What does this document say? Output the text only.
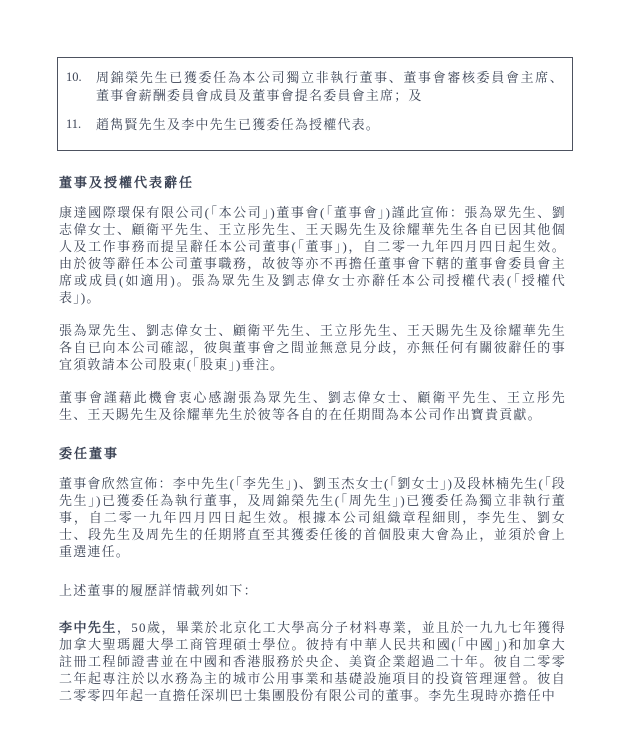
10.	周錦榮先生已獲委任為本公司獨立非執行董事、董事會審核委員會主席、董事會薪酬委員會成員及董事會提名委員會主席；及
11.	趙雋賢先生及李中先生已獲委任為授權代表。
董事及授權代表辭任

康達國際環保有限公司(「本公司」)董事會(「董事會」)謹此宣佈：張為眾先生、劉志偉女士、顧衛平先生、王立彤先生、王天賜先生及徐耀華先生各自已因其他個人及工作事務而提呈辭任本公司董事(「董事」)，自二零一九年四月四日起生效。由於彼等辭任本公司董事職務，故彼等亦不再擔任董事會下轄的董事會委員會主席或成員(如適用)。張為眾先生及劉志偉女士亦辭任本公司授權代表(「授權代表」)。

張為眾先生、劉志偉女士、顧衛平先生、王立彤先生、王天賜先生及徐耀華先生各自已向本公司確認，彼與董事會之間並無意見分歧，亦無任何有關彼辭任的事宜須敦請本公司股東(「股東」)垂注。

董事會謹藉此機會衷心感謝張為眾先生、劉志偉女士、顧衛平先生、王立彤先生、王天賜先生及徐耀華先生於彼等各自的在任期間為本公司作出寶貴貢獻。

委任董事

董事會欣然宣佈：李中先生(「李先生」)、劉玉杰女士(「劉女士」)及段林楠先生(「段先生」)已獲委任為執行董事，及周錦榮先生(「周先生」)已獲委任為獨立非執行董事，自二零一九年四月四日起生效。根據本公司組織章程細則，李先生、劉女士、段先生及周先生的任期將直至其獲委任後的首個股東大會為止，並須於會上重選連任。

上述董事的履歷詳情載列如下：

李中先生，50歲，畢業於北京化工大學高分子材料專業，並且於一九九七年獲得加拿大聖瑪麗大學工商管理碩士學位。彼持有中華人民共和國(「中國」)和加拿大註冊工程師證書並在中國和香港服務於央企、美資企業超過二十年。彼自二零零二年起專注於以水務為主的城市公用事業和基礎設施項目的投資管理運營。彼自二零零四年起一直擔任深圳巴士集團股份有限公司的董事。李先生現時亦擔任中
